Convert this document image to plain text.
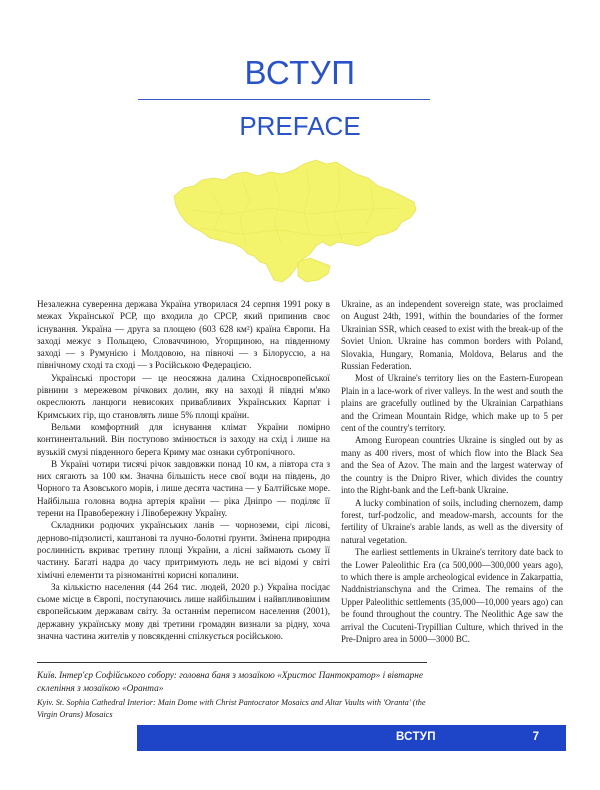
ВСТУП
PREFACE

Незалежна суверенна держава Україна утворилася 24 серпня 1991 року в межах Української РСР, що входила до СРСР, який припинив своє існування. Україна — друга за площею (603 628 км²) країна Європи. На заході межує з Польщею, Словаччиною, Угорщиною, на південному заході — з Румунією і Молдовою, на півночі — з Білоруссю, а на північному сході та сході — з Російською Федерацією.

Українські простори — це неосяжна далина Східноєвропейської рівнини з мережевом річкових долин, яку на заході й півдні м'яко окреслюють ланцюги невисоких привабливих Українських Карпат і Кримських гір, що становлять лише 5% площі країни.

Вельми комфортний для існування клімат України помірно континентальний. Він поступово змінюється із заходу на схід і лише на вузькій смузі південного берега Криму має ознаки субтропічного.

В Україні чотири тисячі річок завдовжки понад 10 км, а півтора ста з них сягають за 100 км. Значна більшість несе свої води на південь, до Чорного та Азовського морів, і лише десята частина — у Балтійське море. Найбільша головна водна артерія країни — ріка Дніпро — поділяє її терени на Правобережну і Лівобережну Україну.

Складники родючих українських ланів — чорноземи, сірі лісові, дерново-підзолисті, каштанові та лучно-болотні ґрунти. Змінена природна рослинність вкриває третину площі України, а лісні займають сьому її частину. Багаті надра до часу притримують ледь не всі відомі у світі хімічні елементи та різноманітні корисні копалини.

За кількістю населення (44 264 тис. людей, 2020 р.) Україна посідає сьоме місце в Європі, поступаючись лише найбільшим і найвпливовішим європейським державам світу. За останнім переписом населення (2001), державну українську мову дві третини громадян визнали за рідну, хоча значна частина жителів у повсякденні спілкується російською.

Ukraine, as an independent sovereign state, was proclaimed on August 24th, 1991, within the boundaries of the former Ukrainian SSR, which ceased to exist with the break-up of the Soviet Union. Ukraine has common borders with Poland, Slovakia, Hungary, Romania, Moldova, Belarus and the Russian Federation.

Most of Ukraine's territory lies on the Eastern-European Plain in a lace-work of river valleys. In the west and south the plains are gracefully outlined by the Ukrainian Carpathians and the Crimean Mountain Ridge, which make up to 5 per cent of the country's territory.

Among European countries Ukraine is singled out by as many as 400 rivers, most of which flow into the Black Sea and the Sea of Azov. The main and the largest waterway of the country is the Dnipro River, which divides the country into the Right-bank and the Left-bank Ukraine.

A lucky combination of soils, including chernozem, damp forest, turf-podzolic, and meadow-marsh, accounts for the fertility of Ukraine's arable lands, as well as the diversity of natural vegetation.

The earliest settlements in Ukraine's territory date back to the Lower Paleolithic Era (ca 500,000—300,000 years ago), to which there is ample archeological evidence in Zakarpattia, Naddnistrianschyna and the Crimea. The remains of the Upper Paleolithic settlements (35,000—10,000 years ago) can be found throughout the country. The Neolithic Age saw the arrival the Cucuteni-Trypillian Culture, which thrived in the Pre-Dnipro area in 5000—3000 BC.

Київ. Інтер'єр Софійського собору: головна баня з мозаїкою «Христос Пантократор» і вівтарне склепіння з мозаїкою «Оранта»

Kyiv. St. Sophia Cathedral Interior: Main Dome with Christ Pantocrator Mosaics and Altar Vaults with 'Oranta' (the Virgin Orans) Mosaics

ВСТУП	7
